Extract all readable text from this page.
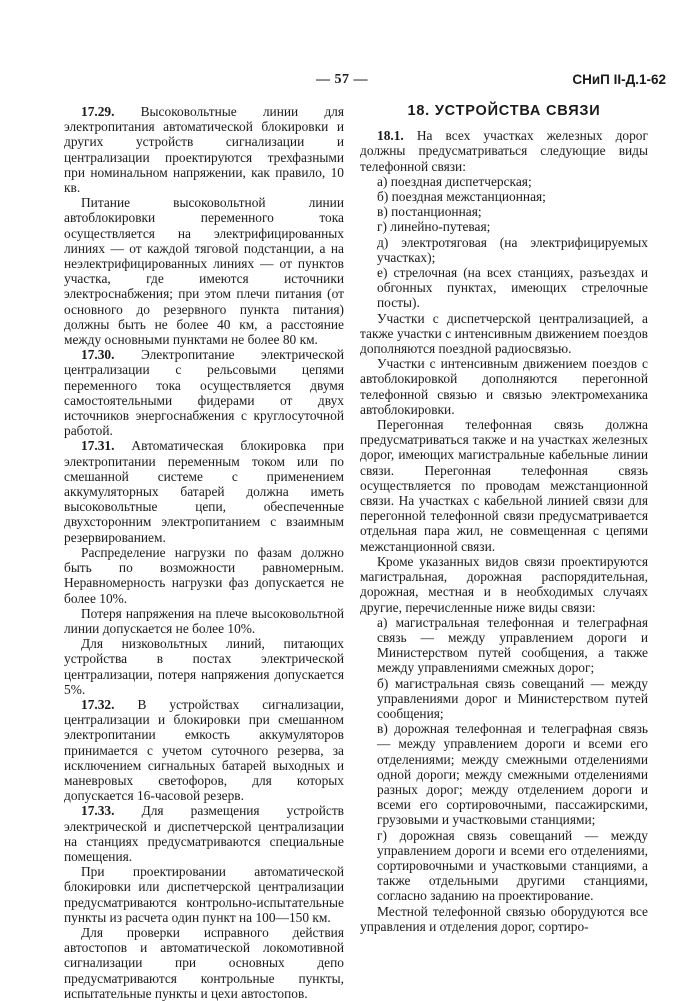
— 57 —	СНиП II-Д.1-62

17.29. Высоковольтные линии для электропитания автоматической блокировки и других устройств сигнализации и централизации проектируются трехфазными при номинальном напряжении, как правило, 10 кв.

Питание высоковольтной линии автоблокировки переменного тока осуществляется на электрифицированных линиях — от каждой тяговой подстанции, а на неэлектрифицированных линиях — от пунктов участка, где имеются источники электроснабжения; при этом плечи питания (от основного до резервного пункта питания) должны быть не более 40 км, а расстояние между основными пунктами не более 80 км.

17.30. Электропитание электрической централизации с рельсовыми цепями переменного тока осуществляется двумя самостоятельными фидерами от двух источников энергоснабжения с круглосуточной работой.

17.31. Автоматическая блокировка при электропитании переменным током или по смешанной системе с применением аккумуляторных батарей должна иметь высоковольтные цепи, обеспеченные двухсторонним электропитанием с взаимным резервированием.

Распределение нагрузки по фазам должно быть по возможности равномерным. Неравномерность нагрузки фаз допускается не более 10%.

Потеря напряжения на плече высоковольтной линии допускается не более 10%.

Для низковольтных линий, питающих устройства в постах электрической централизации, потеря напряжения допускается 5%.

17.32. В устройствах сигнализации, централизации и блокировки при смешанном электропитании емкость аккумуляторов принимается с учетом суточного резерва, за исключением сигнальных батарей выходных и маневровых светофоров, для которых допускается 16-часовой резерв.

17.33. Для размещения устройств электрической и диспетчерской централизации на станциях предусматриваются специальные помещения.

При проектировании автоматической блокировки или диспетчерской централизации предусматриваются контрольно-испытательные пункты из расчета один пункт на 100—150 км.

Для проверки исправного действия автостопов и автоматической локомотивной сигнализации при основных депо предусматриваются контрольные пункты, испытательные пункты и цехи автостопов.

18. УСТРОЙСТВА СВЯЗИ

18.1. На всех участках железных дорог должны предусматриваться следующие виды телефонной связи:

а) поездная диспетчерская;
б) поездная межстанционная;
в) постанционная;
г) линейно-путевая;
д) электротяговая (на электрифицируемых участках);
е) стрелочная (на всех станциях, разъездах и обгонных пунктах, имеющих стрелочные посты).

Участки с диспетчерской централизацией, а также участки с интенсивным движением поездов дополняются поездной радиосвязью.

Участки с интенсивным движением поездов с автоблокировкой дополняются перегонной телефонной связью и связью электромеханика автоблокировки.

Перегонная телефонная связь должна предусматриваться также и на участках железных дорог, имеющих магистральные кабельные линии связи. Перегонная телефонная связь осуществляется по проводам межстанционной связи. На участках с кабельной линией связи для перегонной телефонной связи предусматривается отдельная пара жил, не совмещенная с цепями межстанционной связи.

Кроме указанных видов связи проектируются магистральная, дорожная распорядительная, дорожная, местная и в необходимых случаях другие, перечисленные ниже виды связи:

а) магистральная телефонная и телеграфная связь — между управлением дороги и Министерством путей сообщения, а также между управлениями смежных дорог;
б) магистральная связь совещаний — между управлениями дорог и Министерством путей сообщения;
в) дорожная телефонная и телеграфная связь — между управлением дороги и всеми его отделениями; между смежными отделениями одной дороги; между смежными отделениями разных дорог; между отделением дороги и всеми его сортировочными, пассажирскими, грузовыми и участковыми станциями;
г) дорожная связь совещаний — между управлением дороги и всеми его отделениями, сортировочными и участковыми станциями, а также отдельными другими станциями, согласно заданию на проектирование.

Местной телефонной связью оборудуются все управления и отделения дорог, сортиро-
